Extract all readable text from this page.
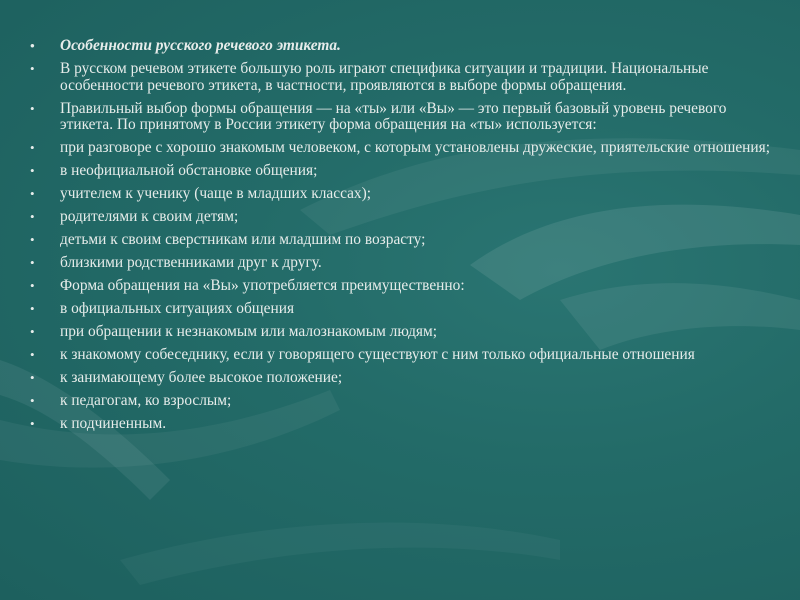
•	Особенности русского речевого этикета.
•	В русском речевом этикете большую роль играют специфика ситуации и традиции. Национальные особенности речевого этикета, в частности, проявляются в выборе формы обращения.
•	Правильный выбор формы обращения — на «ты» или «Вы» — это первый базовый уровень речевого этикета. По принятому в России этикету форма обращения на «ты» используется:
•	при разговоре с хорошо знакомым человеком, с которым установлены дружеские, приятельские отношения;
•	в неофициальной обстановке общения;
•	учителем к ученику (чаще в младших классах);
•	родителями к своим детям;
•	детьми к своим сверстникам или младшим по возрасту;
•	близкими родственниками друг к другу.
•	Форма обращения на «Вы» употребляется преимущественно:
•	в официальных ситуациях общения
•	при обращении к незнакомым или малознакомым людям;
•	к знакомому собеседнику, если у говорящего существуют с ним только официальные отношения
•	к занимающему более высокое положение;
•	к педагогам, ко взрослым;
•	к подчиненным.
